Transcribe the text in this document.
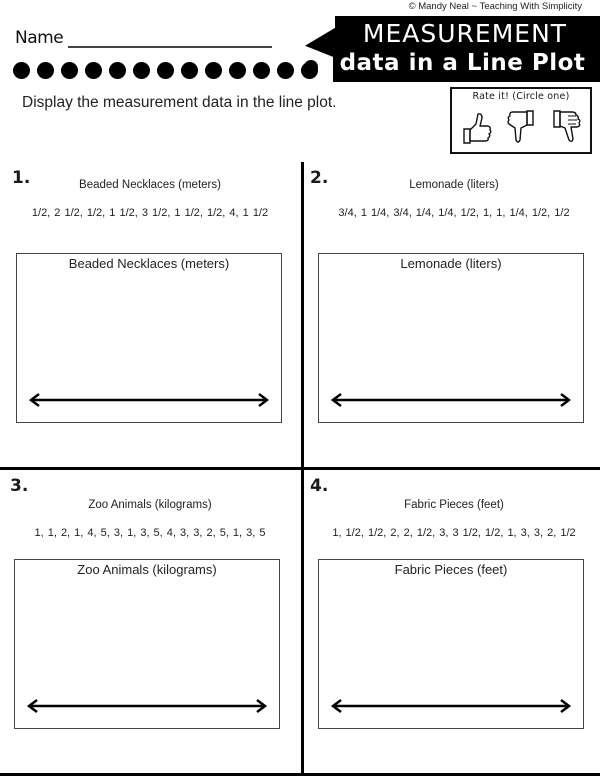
Name
© Mandy Neal ~ Teaching With Simplicity
MEASUREMENT
data in a Line Plot
Display the measurement data in the line plot.	Rate it! (Circle one)
1.	Beaded Necklaces (meters)
1/2, 2 1/2, 1/2, 1 1/2, 3 1/2, 1 1/2, 1/2, 4, 1 1/2
Beaded Necklaces (meters)
2.	Lemonade (liters)
3/4, 1 1/4, 3/4, 1/4, 1/4, 1/2, 1, 1, 1/4, 1/2, 1/2
Lemonade (liters)
3.
Zoo Animals (kilograms)
1, 1, 2, 1, 4, 5, 3, 1, 3, 5, 4, 3, 3, 2, 5, 1, 3, 5
Zoo Animals (kilograms)
4.
Fabric Pieces (feet)
1, 1/2, 1/2, 2, 2, 1/2, 3, 3 1/2, 1/2, 1, 3, 3, 2, 1/2
Fabric Pieces (feet)
